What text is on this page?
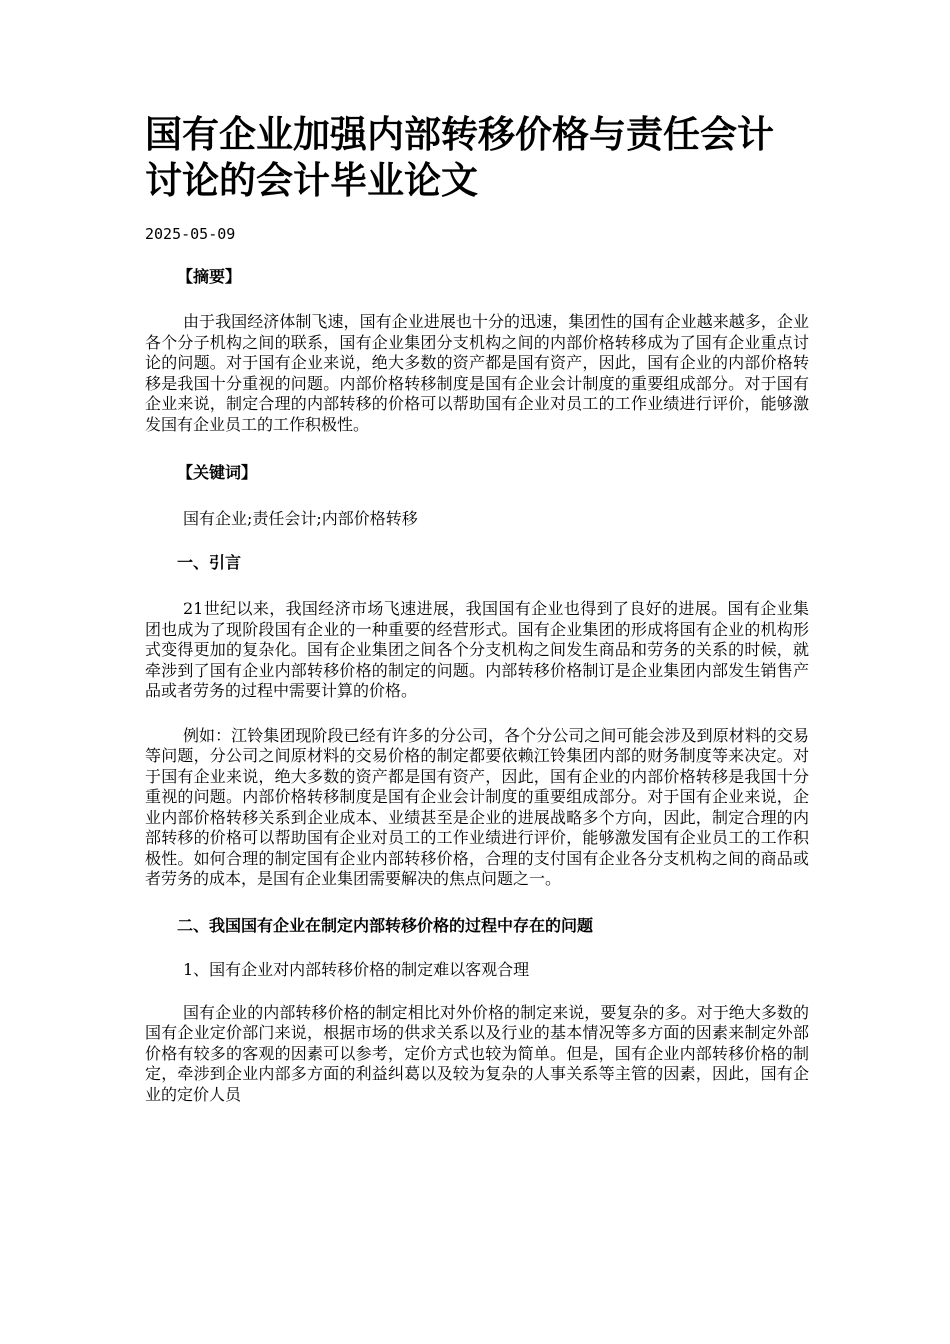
国有企业加强内部转移价格与责任会计讨论的会计毕业论文
2025-05-09
【摘要】

由于我国经济体制飞速，国有企业进展也十分的迅速，集团性的国有企业越来越多，企业各个分子机构之间的联系，国有企业集团分支机构之间的内部价格转移成为了国有企业重点讨论的问题。对于国有企业来说，绝大多数的资产都是国有资产，因此，国有企业的内部价格转移是我国十分重视的问题。内部价格转移制度是国有企业会计制度的重要组成部分。对于国有企业来说，制定合理的内部转移的价格可以帮助国有企业对员工的工作业绩进行评价，能够激发国有企业员工的工作积极性。

【关键词】

国有企业;责任会计;内部价格转移

一、引言

21世纪以来，我国经济市场飞速进展，我国国有企业也得到了良好的进展。国有企业集团也成为了现阶段国有企业的一种重要的经营形式。国有企业集团的形成将国有企业的机构形式变得更加的复杂化。国有企业集团之间各个分支机构之间发生商品和劳务的关系的时候，就牵涉到了国有企业内部转移价格的制定的问题。内部转移价格制订是企业集团内部发生销售产品或者劳务的过程中需要计算的价格。

例如：江铃集团现阶段已经有许多的分公司，各个分公司之间可能会涉及到原材料的交易等问题，分公司之间原材料的交易价格的制定都要依赖江铃集团内部的财务制度等来决定。对于国有企业来说，绝大多数的资产都是国有资产，因此，国有企业的内部价格转移是我国十分重视的问题。内部价格转移制度是国有企业会计制度的重要组成部分。对于国有企业来说，企业内部价格转移关系到企业成本、业绩甚至是企业的进展战略多个方向，因此，制定合理的内部转移的价格可以帮助国有企业对员工的工作业绩进行评价，能够激发国有企业员工的工作积极性。如何合理的制定国有企业内部转移价格，合理的支付国有企业各分支机构之间的商品或者劳务的成本，是国有企业集团需要解决的焦点问题之一。

二、我国国有企业在制定内部转移价格的过程中存在的问题

1、国有企业对内部转移价格的制定难以客观合理

国有企业的内部转移价格的制定相比对外价格的制定来说，要复杂的多。对于绝大多数的国有企业定价部门来说，根据市场的供求关系以及行业的基本情况等多方面的因素来制定外部价格有较多的客观的因素可以参考，定价方式也较为简单。但是，国有企业内部转移价格的制定，牵涉到企业内部多方面的利益纠葛以及较为复杂的人事关系等主管的因素，因此，国有企业的定价人员
